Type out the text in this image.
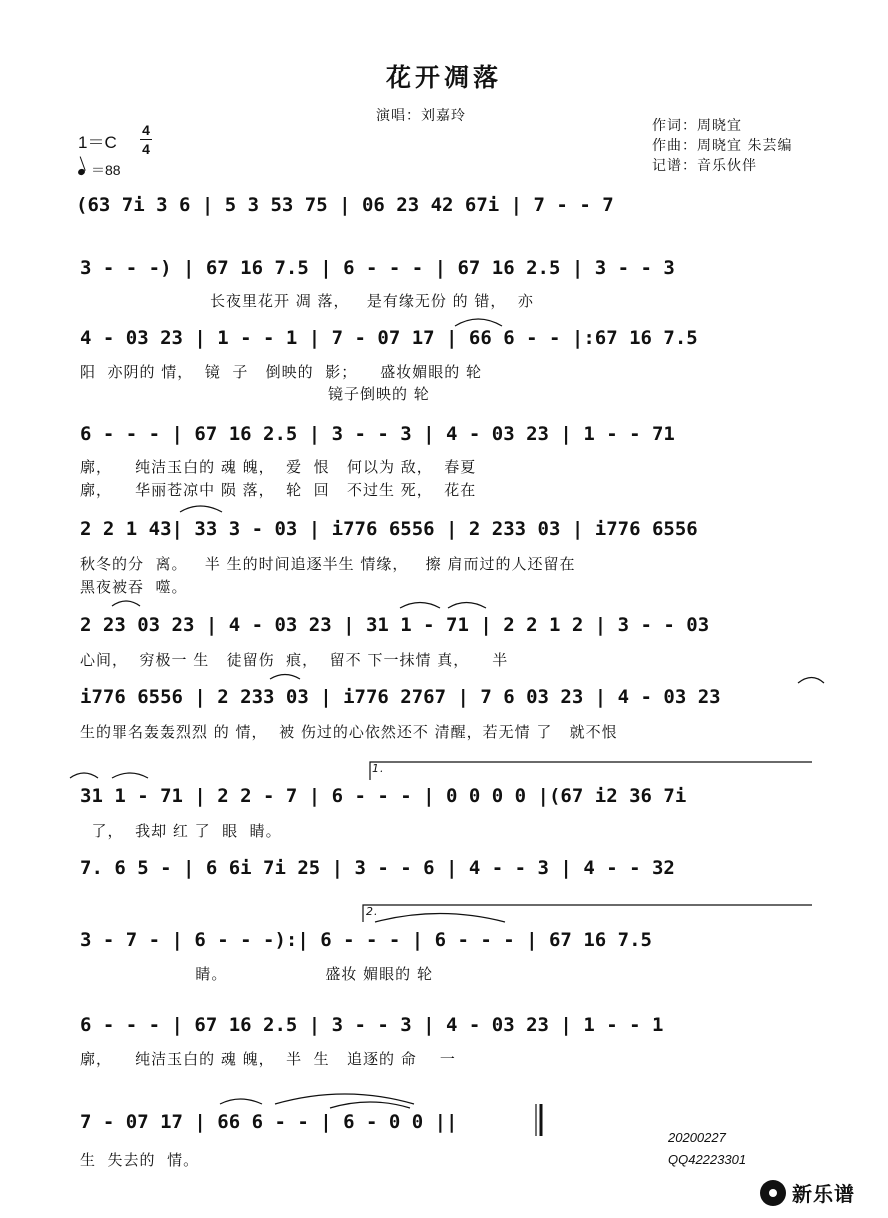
花开凋落
演唱：刘嘉玲
作词：周晓宜
作曲：周晓宜 朱芸编
记谱：音乐伙伴
1＝C
4
4
＝88
(63 7i 3 6 | 5 3 53 75 | 06 23 42 67i | 7 - - 7
3 - - -) | 67 16 7.5 | 6 - - - | 67 16 2.5 | 3 - - 3
长夜里花开 凋 落，   是有缘无份 的 错，  亦
4 - 03 23 | 1 - - 1 | 7 - 07 17 | 66 6 - - |:67 16 7.5
阳  亦阴的 情，  镜  子   倒映的  影；    盛妆媚眼的 轮
镜子倒映的 轮
6 - - - | 67 16 2.5 | 3 - - 3 | 4 - 03 23 | 1 - - 71
廓，    纯洁玉白的 魂 魄，  爱  恨   何以为 敌，  春夏
廓，    华丽苍凉中 陨 落，  轮  回   不过生 死，  花在
2 2 1 43| 33 3 - 03 | i776 6556 | 2 233 03 | i776 6556
秋冬的分  离。   半 生的时间追逐半生 情缘，   擦 肩而过的人还留在
黑夜被吞  噬。
2 23 03 23 | 4 - 03 23 | 31 1 - 71 | 2 2 1 2 | 3 - - 03
心间，  穷极一 生   徒留伤  痕，  留不 下一抹情 真，    半
i776 6556 | 2 233 03 | i776 2767 | 7 6 03 23 | 4 - 03 23
生的罪名轰轰烈烈 的 情，  被 伤过的心依然还不 清醒，若无情 了   就不恨
1.
31 1 - 71 | 2 2 - 7 | 6 - - - | 0 0 0 0 |(67 i2 36 7i
了，  我却 红 了  眼  睛。
7. 6 5 - | 6 6i 7i 25 | 3 - - 6 | 4 - - 3 | 4 - - 32
2.
3 - 7 - | 6 - - -):| 6 - - - | 6 - - - | 67 16 7.5
睛。                 盛妆 媚眼的 轮
6 - - - | 67 16 2.5 | 3 - - 3 | 4 - 03 23 | 1 - - 1
廓，    纯洁玉白的 魂 魄，  半  生   追逐的 命    一
7 - 07 17 | 66 6 - - | 6 - 0 0 ||
生  失去的  情。
20200227
QQ42223301
新乐谱
